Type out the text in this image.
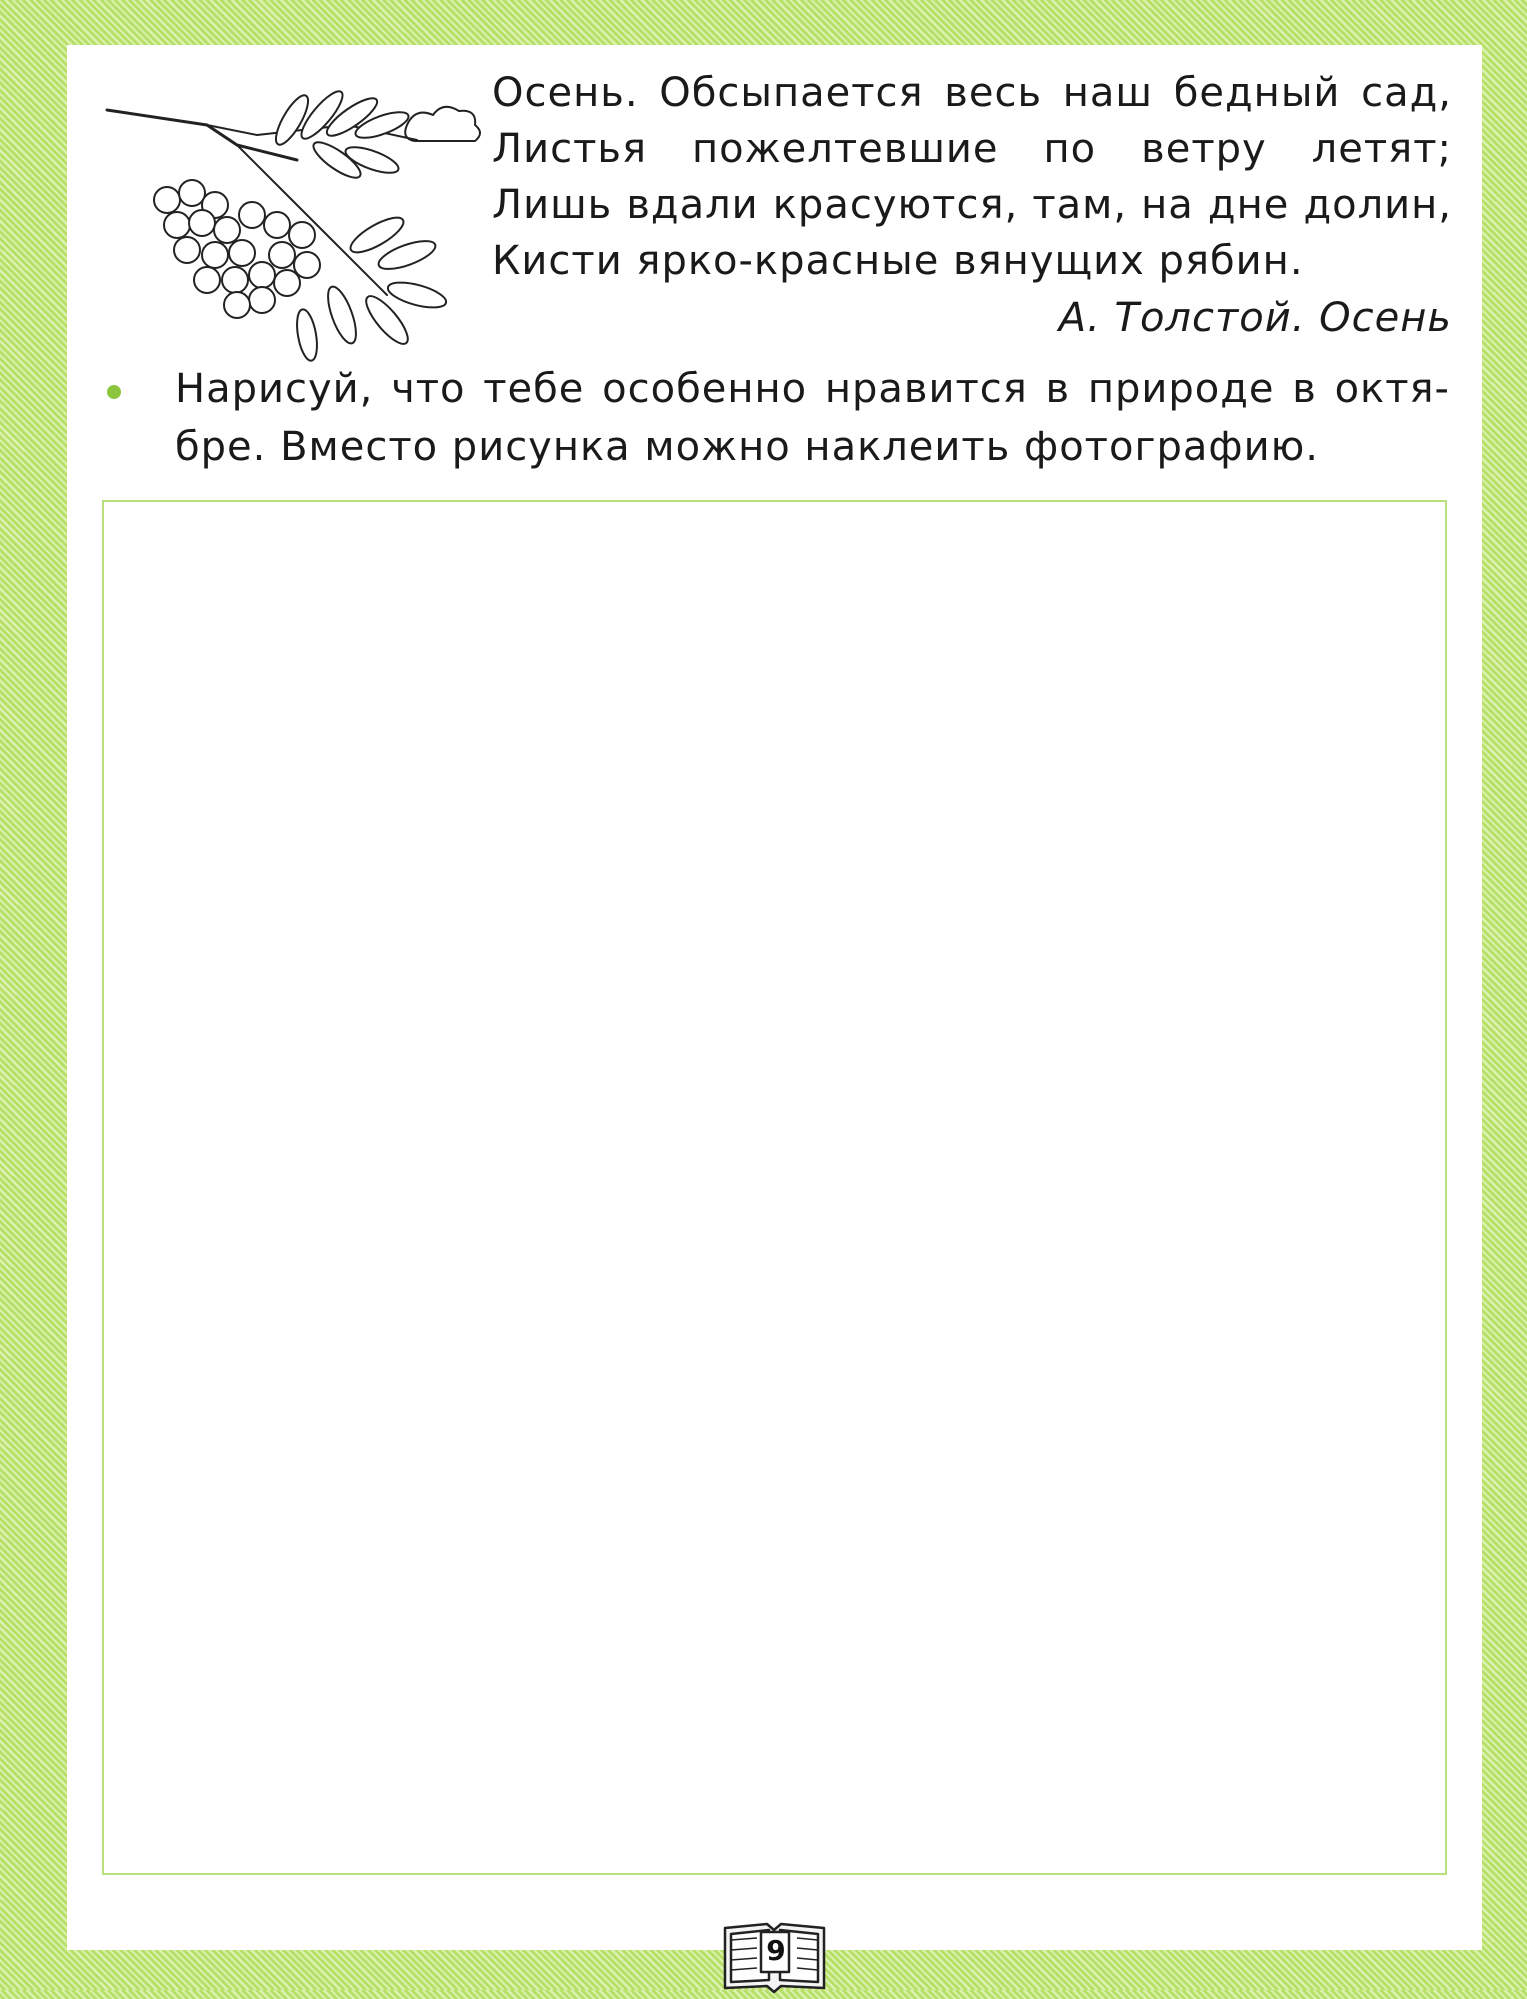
Осень. Обсыпается весь наш бедный сад,
Листья пожелтевшие по ветру летят;
Лишь вдали красуются, там, на дне долин,
Кисти ярко-красные вянущих рябин.
А. Толстой. Осень
Нарисуй, что тебе особенно нравится в природе в октя-
бре. Вместо рисунка можно наклеить фотографию.
9
